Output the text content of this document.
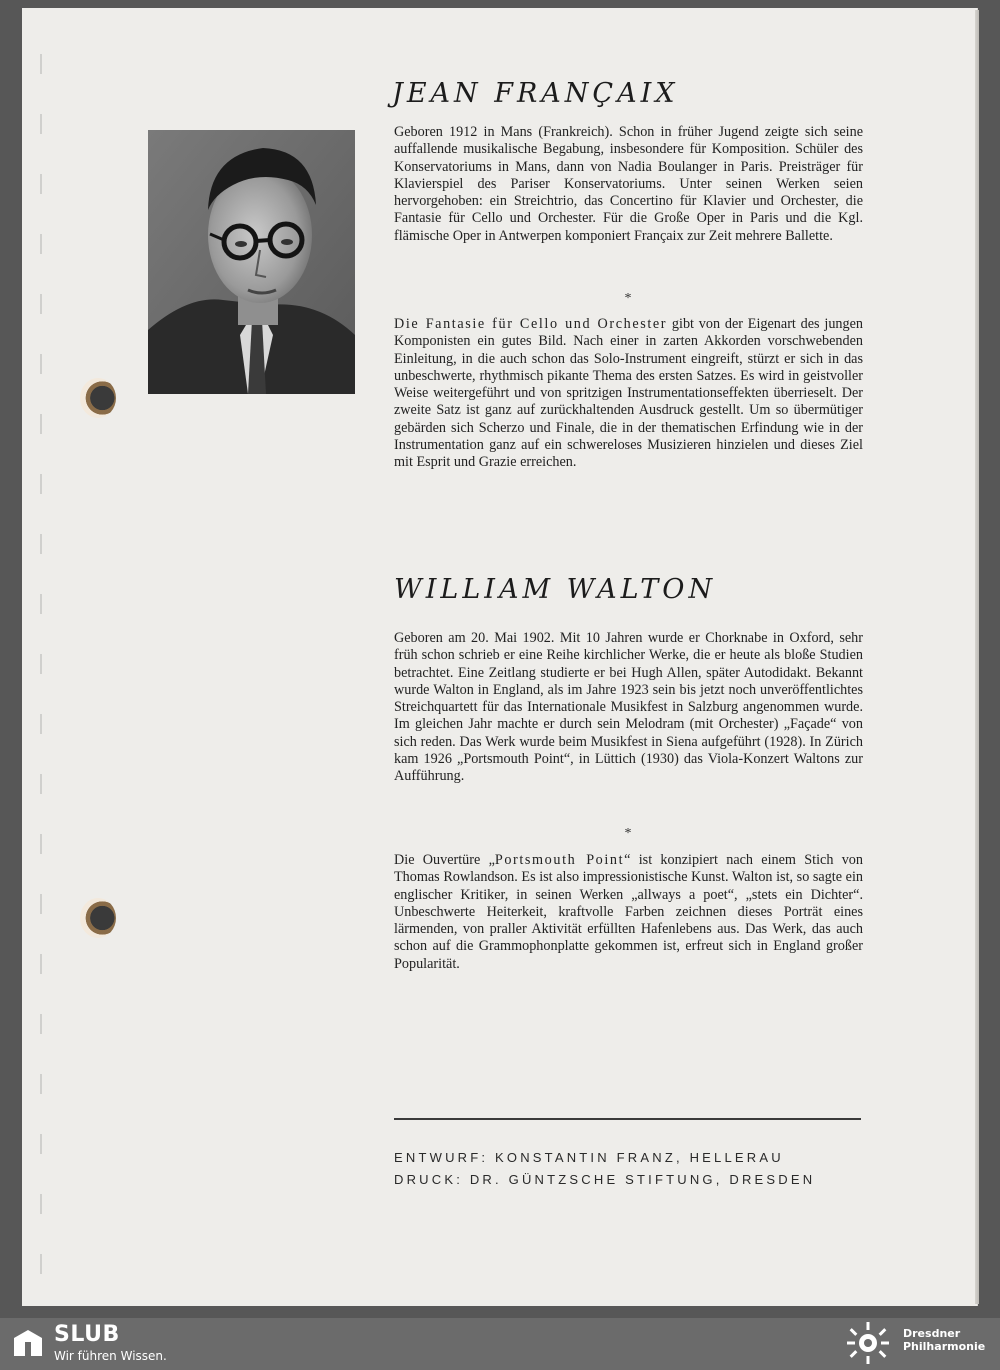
JEAN FRANÇAIX

Geboren 1912 in Mans (Frankreich). Schon in früher Jugend zeigte sich seine auffallende musikalische Begabung, insbesondere für Komposition. Schüler des Konservatoriums in Mans, dann von Nadia Boulanger in Paris. Preisträger für Klavierspiel des Pariser Konservatoriums. Unter seinen Werken seien hervorgehoben: ein Streichtrio, das Concertino für Klavier und Orchester, die Fantasie für Cello und Orchester. Für die Große Oper in Paris und die Kgl. flämische Oper in Antwerpen komponiert Françaix zur Zeit mehrere Ballette.

*

Die Fantasie für Cello und Orchester gibt von der Eigenart des jungen Komponisten ein gutes Bild. Nach einer in zarten Akkorden vorschwebenden Einleitung, in die auch schon das Solo-Instrument eingreift, stürzt er sich in das unbeschwerte, rhythmisch pikante Thema des ersten Satzes. Es wird in geistvoller Weise weitergeführt und von spritzigen Instrumentationseffekten überrieselt. Der zweite Satz ist ganz auf zurückhaltenden Ausdruck gestellt. Um so übermütiger gebärden sich Scherzo und Finale, die in der thematischen Erfindung wie in der Instrumentation ganz auf ein schwereloses Musizieren hinzielen und dieses Ziel mit Esprit und Grazie erreichen.

WILLIAM WALTON

Geboren am 20. Mai 1902. Mit 10 Jahren wurde er Chorknabe in Oxford, sehr früh schon schrieb er eine Reihe kirchlicher Werke, die er heute als bloße Studien betrachtet. Eine Zeitlang studierte er bei Hugh Allen, später Autodidakt. Bekannt wurde Walton in England, als im Jahre 1923 sein bis jetzt noch unveröffentlichtes Streichquartett für das Internationale Musikfest in Salzburg angenommen wurde. Im gleichen Jahr machte er durch sein Melodram (mit Orchester) „Façade“ von sich reden. Das Werk wurde beim Musikfest in Siena aufgeführt (1928). In Zürich kam 1926 „Portsmouth Point“, in Lüttich (1930) das Viola-Konzert Waltons zur Aufführung.

*

Die Ouvertüre „Portsmouth Point“ ist konzipiert nach einem Stich von Thomas Rowlandson. Es ist also impressionistische Kunst. Walton ist, so sagte ein englischer Kritiker, in seinen Werken „allways a poet“, „stets ein Dichter“. Unbeschwerte Heiterkeit, kraftvolle Farben zeichnen dieses Porträt eines lärmenden, von praller Aktivität erfüllten Hafenlebens aus. Das Werk, das auch schon auf die Grammophonplatte gekommen ist, erfreut sich in England großer Popularität.

ENTWURF: KONSTANTIN FRANZ, HELLERAU

DRUCK: DR. GÜNTZSCHE STIFTUNG, DRESDEN

SLUB
Wir führen Wissen.
Dresdner
Philharmonie
